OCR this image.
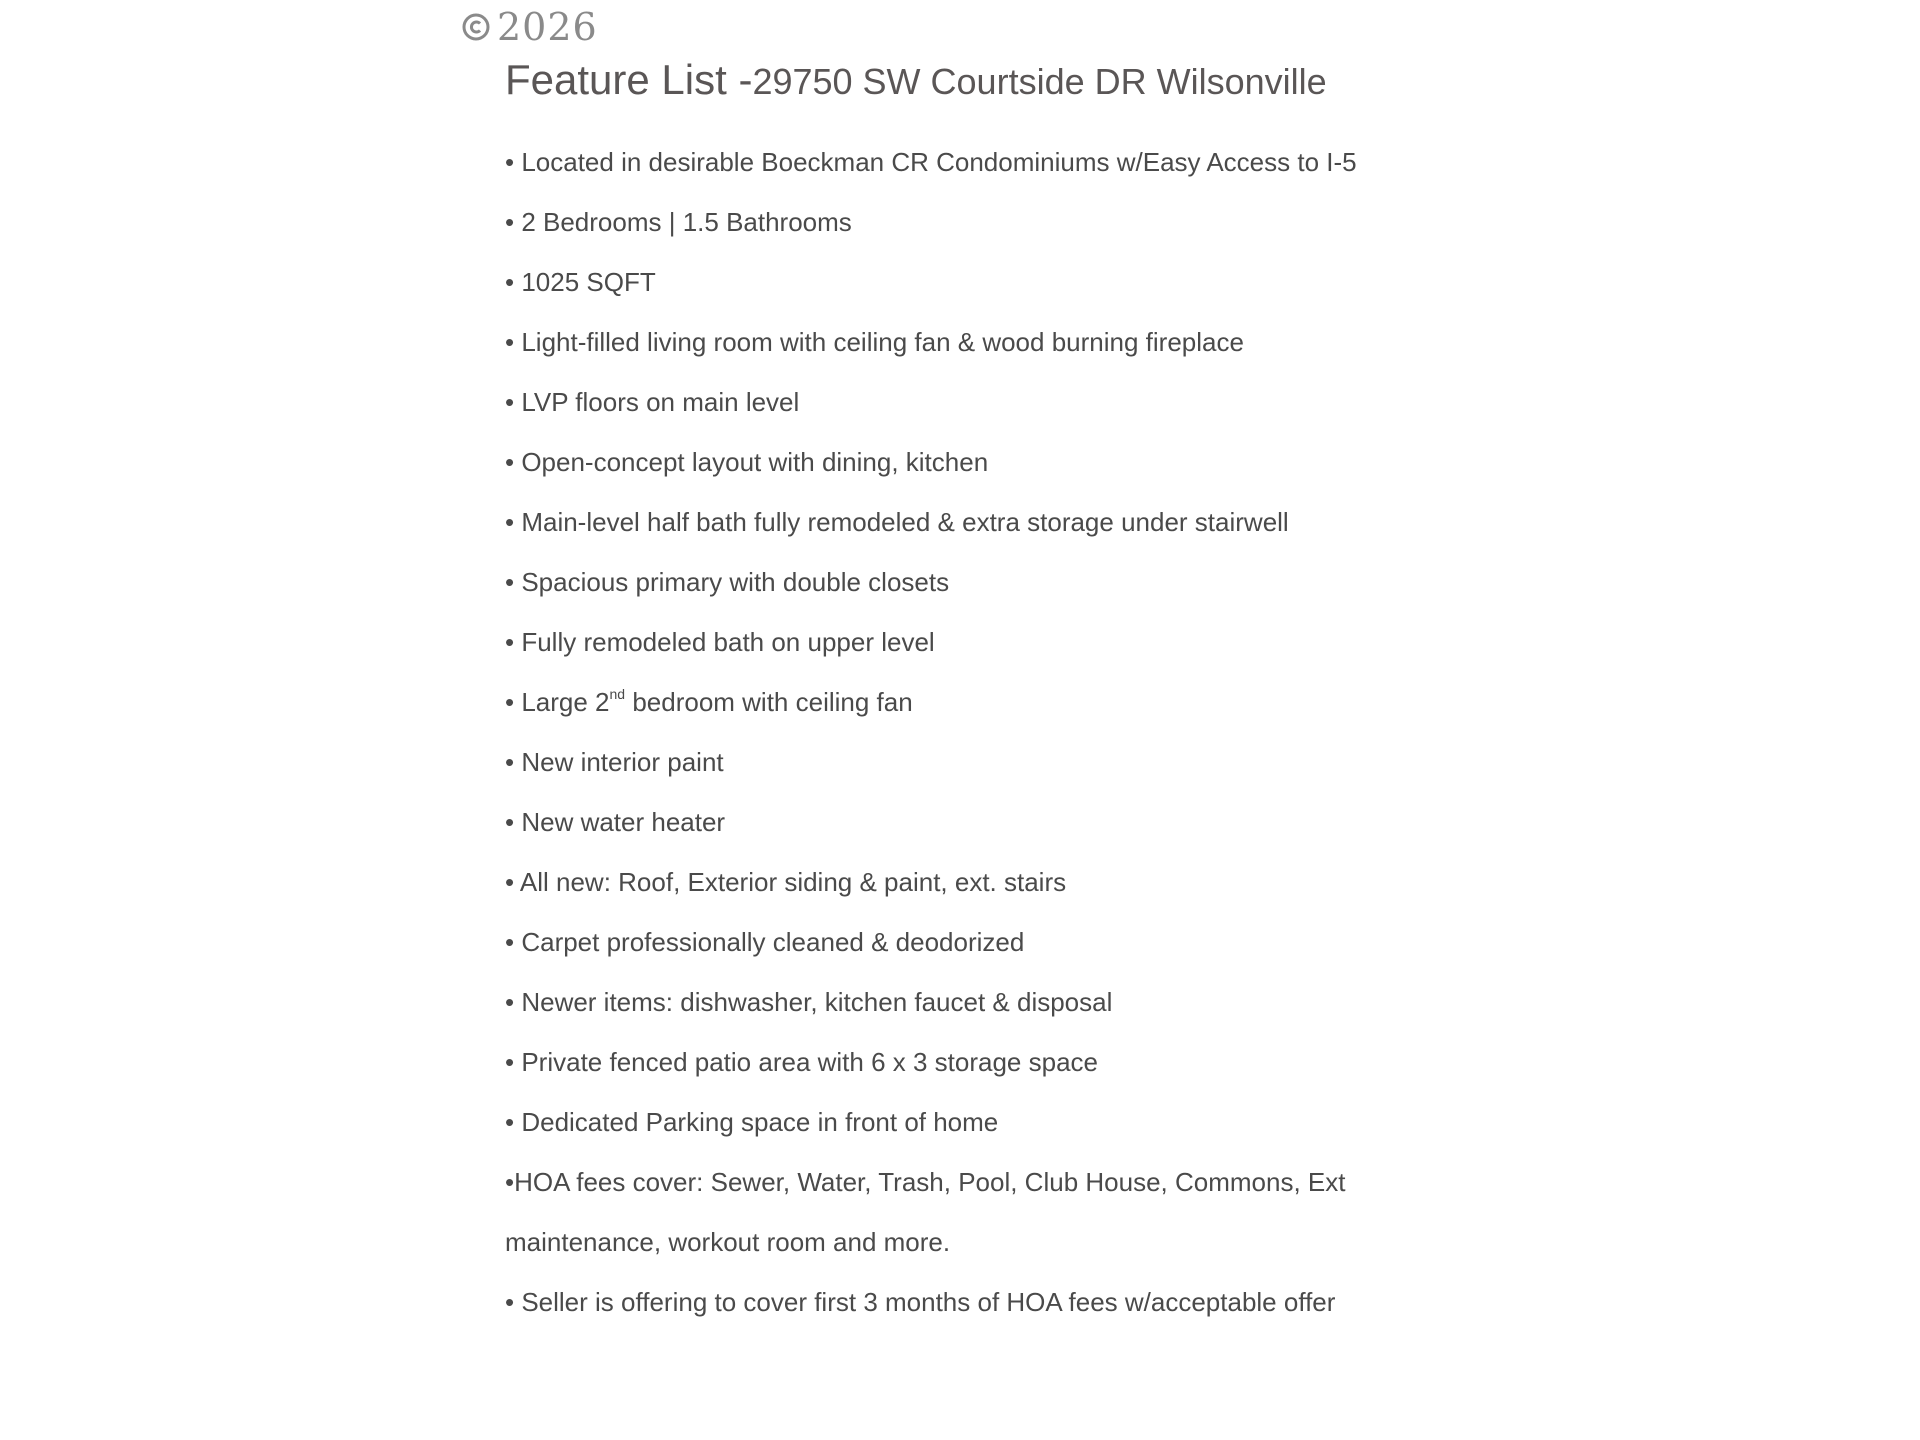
2026
Feature List -29750 SW Courtside DR Wilsonville
• Located in desirable Boeckman CR Condominiums w/Easy Access to I-5
• 2 Bedrooms | 1.5 Bathrooms
• 1025 SQFT
• Light-filled living room with ceiling fan & wood burning fireplace
• LVP floors on main level
• Open-concept layout with dining, kitchen
• Main-level half bath fully remodeled & extra storage under stairwell
• Spacious primary with double closets
• Fully remodeled bath on upper level
• Large 2nd bedroom with ceiling fan
• New interior paint
• New water heater
• All new: Roof, Exterior siding & paint, ext. stairs
• Carpet professionally cleaned & deodorized
• Newer items: dishwasher, kitchen faucet & disposal
• Private fenced patio area with 6 x 3 storage space
• Dedicated Parking space in front of home
•HOA fees cover: Sewer, Water, Trash, Pool, Club House, Commons, Ext
maintenance, workout room and more.
• Seller is offering to cover first 3 months of HOA fees w/acceptable offer
